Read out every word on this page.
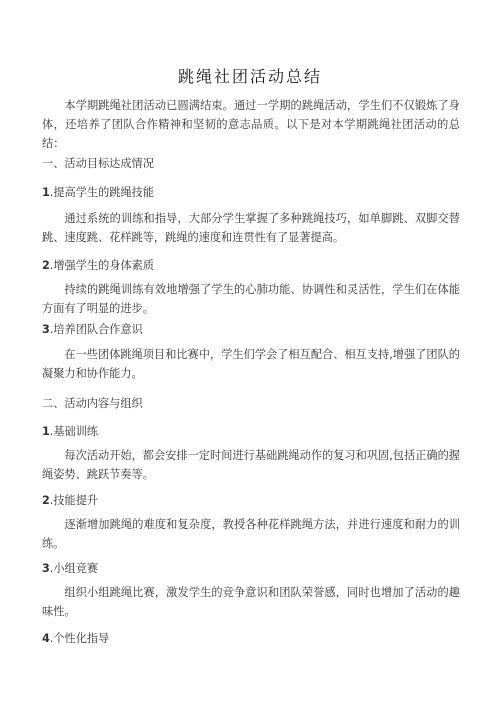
跳绳社团活动总结

本学期跳绳社团活动已圆满结束。通过一学期的跳绳活动，学生们不仅锻炼了身体，还培养了团队合作精神和坚韧的意志品质。以下是对本学期跳绳社团活动的总结：

一、活动目标达成情况

1.提高学生的跳绳技能

通过系统的训练和指导，大部分学生掌握了多种跳绳技巧，如单脚跳、双脚交替跳、速度跳、花样跳等，跳绳的速度和连贯性有了显著提高。

2.增强学生的身体素质

持续的跳绳训练有效地增强了学生的心肺功能、协调性和灵活性，学生们在体能方面有了明显的进步。

3.培养团队合作意识

在一些团体跳绳项目和比赛中，学生们学会了相互配合、相互支持,增强了团队的凝聚力和协作能力。

二、活动内容与组织

1.基础训练

每次活动开始，都会安排一定时间进行基础跳绳动作的复习和巩固,包括正确的握绳姿势、跳跃节奏等。

2.技能提升

逐渐增加跳绳的难度和复杂度，教授各种花样跳绳方法，并进行速度和耐力的训练。

3.小组竞赛

组织小组跳绳比赛，激发学生的竞争意识和团队荣誉感，同时也增加了活动的趣味性。

4.个性化指导
